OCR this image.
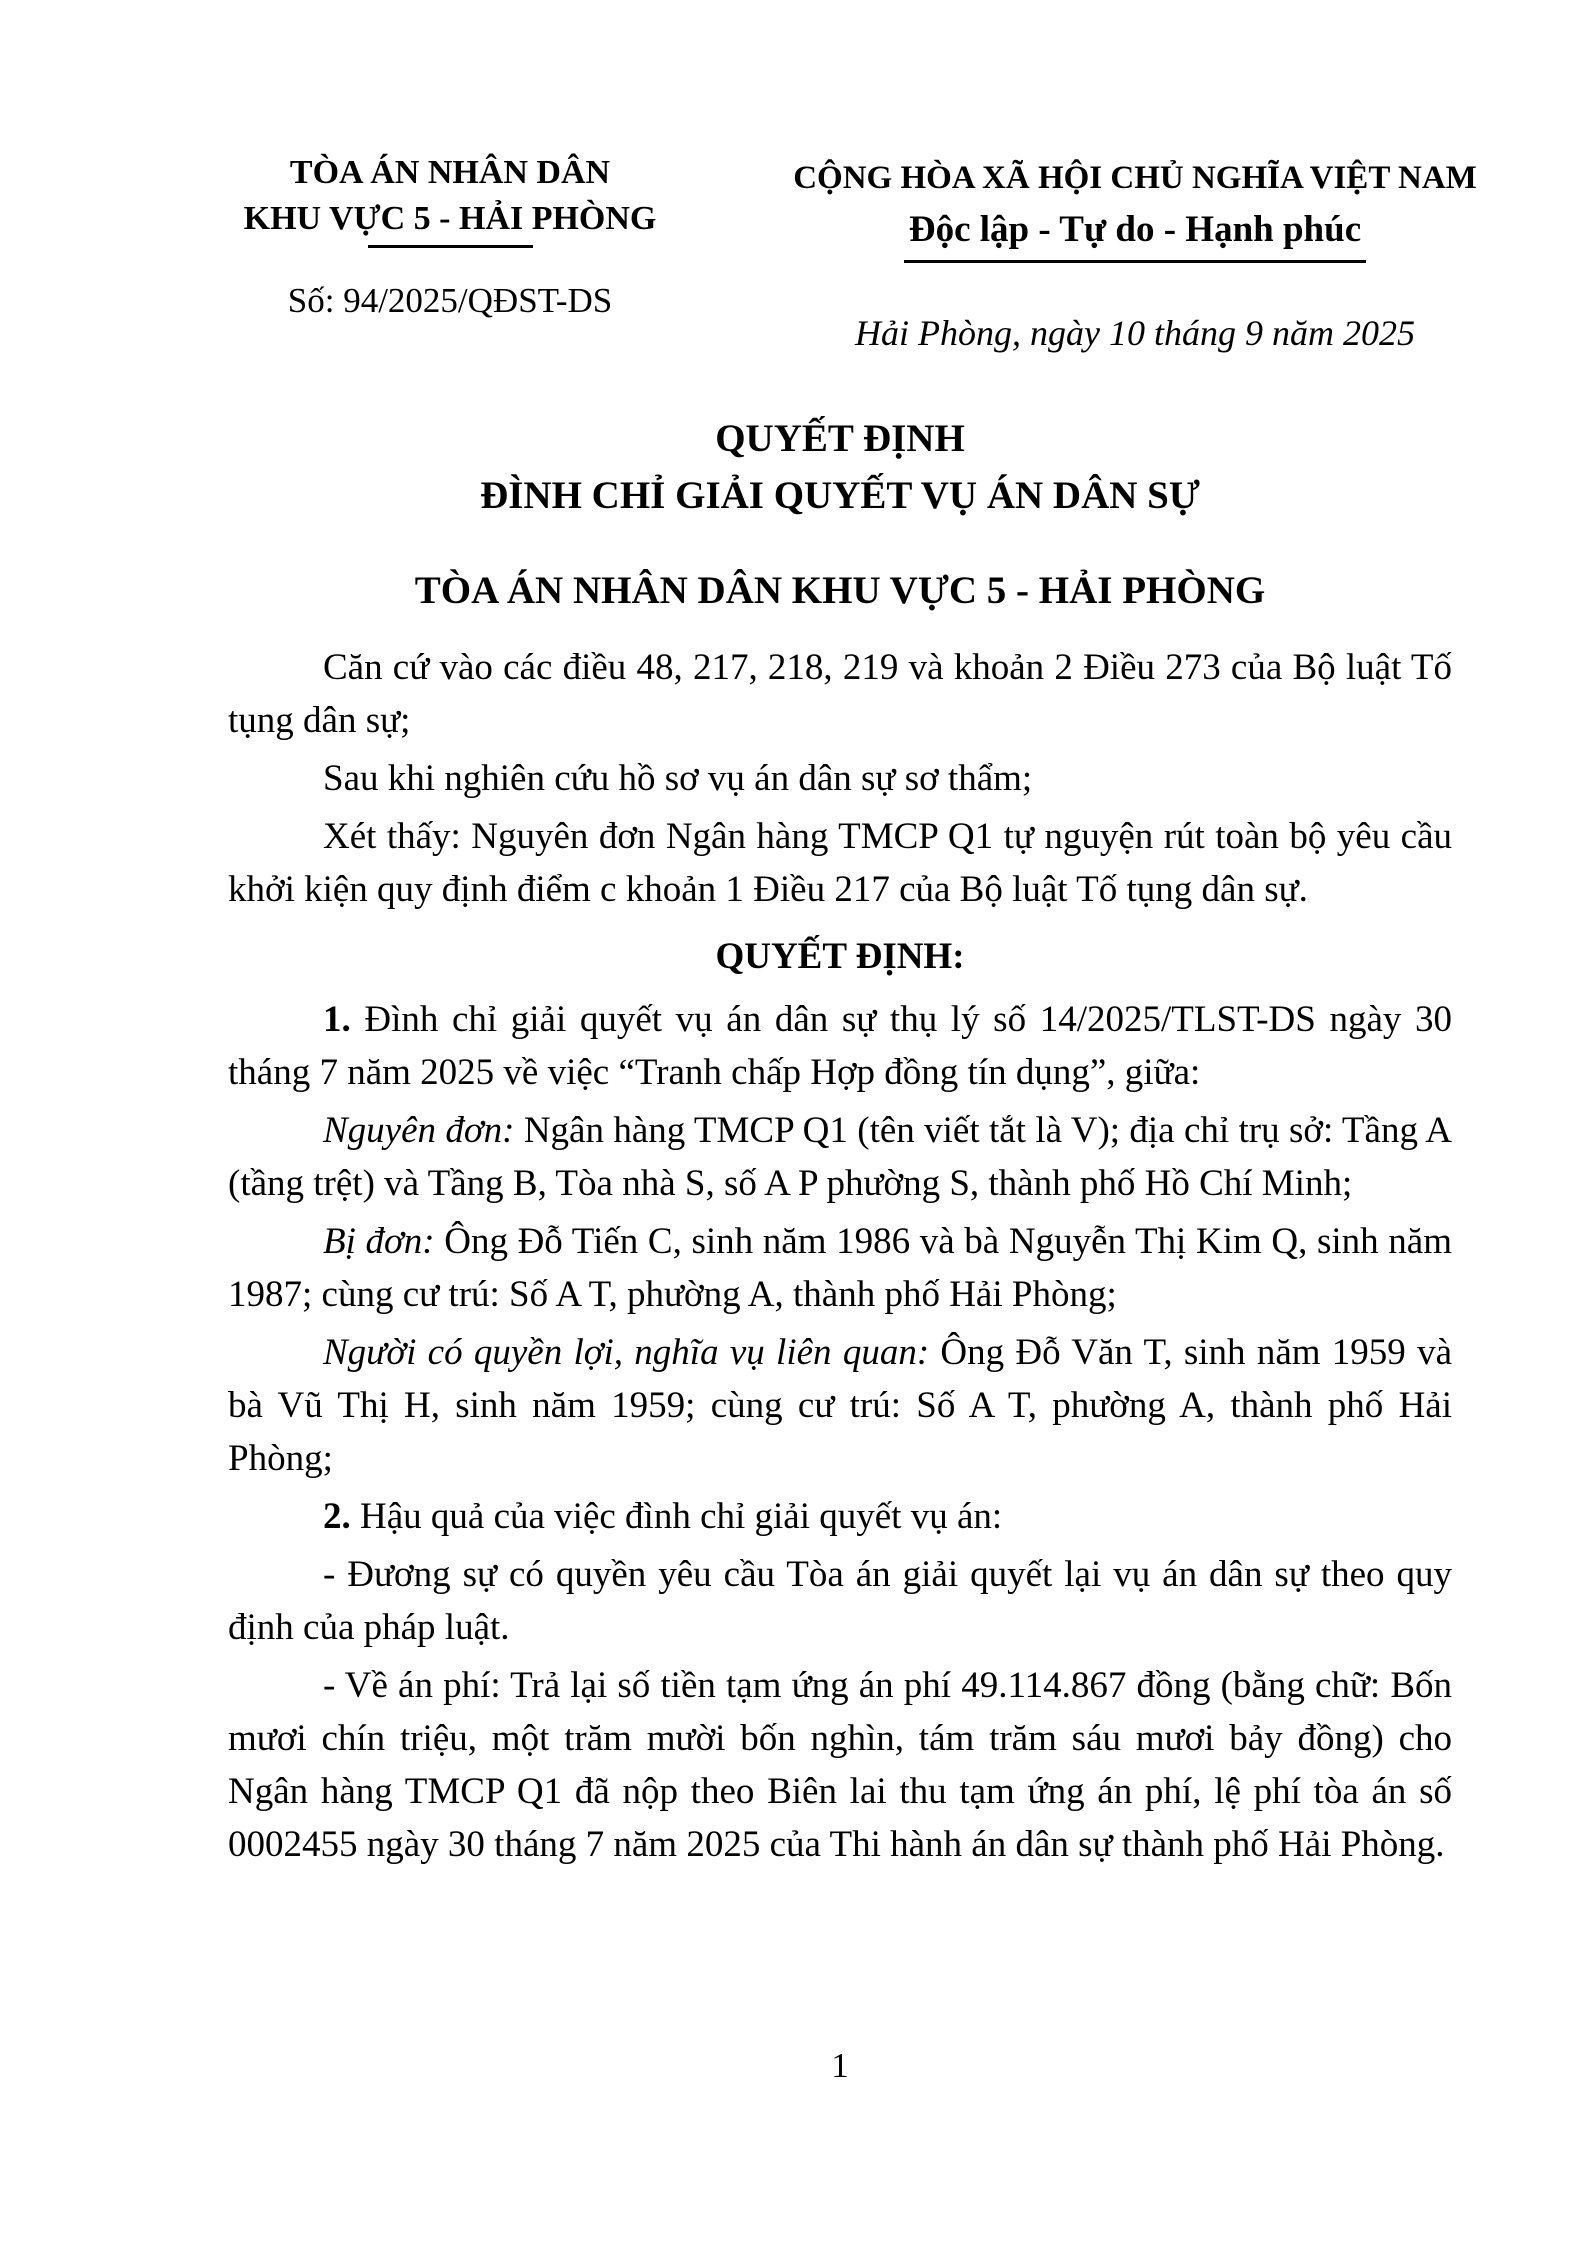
TÒA ÁN NHÂN DÂN
KHU VỰC 5 - HẢI PHÒNG
Số: 94/2025/QĐST-DS
CỘNG HÒA XÃ HỘI CHỦ NGHĨA VIỆT NAM
Độc lập - Tự do - Hạnh phúc
Hải Phòng, ngày 10 tháng 9 năm 2025
QUYẾT ĐỊNH
ĐÌNH CHỈ GIẢI QUYẾT VỤ ÁN DÂN SỰ
TÒA ÁN NHÂN DÂN KHU VỰC 5 - HẢI PHÒNG

Căn cứ vào các điều 48, 217, 218, 219 và khoản 2 Điều 273 của Bộ luật Tố tụng dân sự;

Sau khi nghiên cứu hồ sơ vụ án dân sự sơ thẩm;

Xét thấy: Nguyên đơn Ngân hàng TMCP Q1 tự nguyện rút toàn bộ yêu cầu khởi kiện quy định điểm c khoản 1 Điều 217 của Bộ luật Tố tụng dân sự.

QUYẾT ĐỊNH:

1. Đình chỉ giải quyết vụ án dân sự thụ lý số 14/2025/TLST-DS ngày 30 tháng 7 năm 2025 về việc “Tranh chấp Hợp đồng tín dụng”, giữa:

Nguyên đơn: Ngân hàng TMCP Q1 (tên viết tắt là V); địa chỉ trụ sở: Tầng A (tầng trệt) và Tầng B, Tòa nhà S, số A P phường S, thành phố Hồ Chí Minh;

Bị đơn: Ông Đỗ Tiến C, sinh năm 1986 và bà Nguyễn Thị Kim Q, sinh năm 1987; cùng cư trú: Số A T, phường A, thành phố Hải Phòng;

Người có quyền lợi, nghĩa vụ liên quan: Ông Đỗ Văn T, sinh năm 1959 và bà Vũ Thị H, sinh năm 1959; cùng cư trú: Số A T, phường A, thành phố Hải Phòng;

2. Hậu quả của việc đình chỉ giải quyết vụ án:

- Đương sự có quyền yêu cầu Tòa án giải quyết lại vụ án dân sự theo quy định của pháp luật.

- Về án phí: Trả lại số tiền tạm ứng án phí 49.114.867 đồng (bằng chữ: Bốn mươi chín triệu, một trăm mười bốn nghìn, tám trăm sáu mươi bảy đồng) cho Ngân hàng TMCP Q1 đã nộp theo Biên lai thu tạm ứng án phí, lệ phí tòa án số 0002455 ngày 30 tháng 7 năm 2025 của Thi hành án dân sự thành phố Hải Phòng.

1
